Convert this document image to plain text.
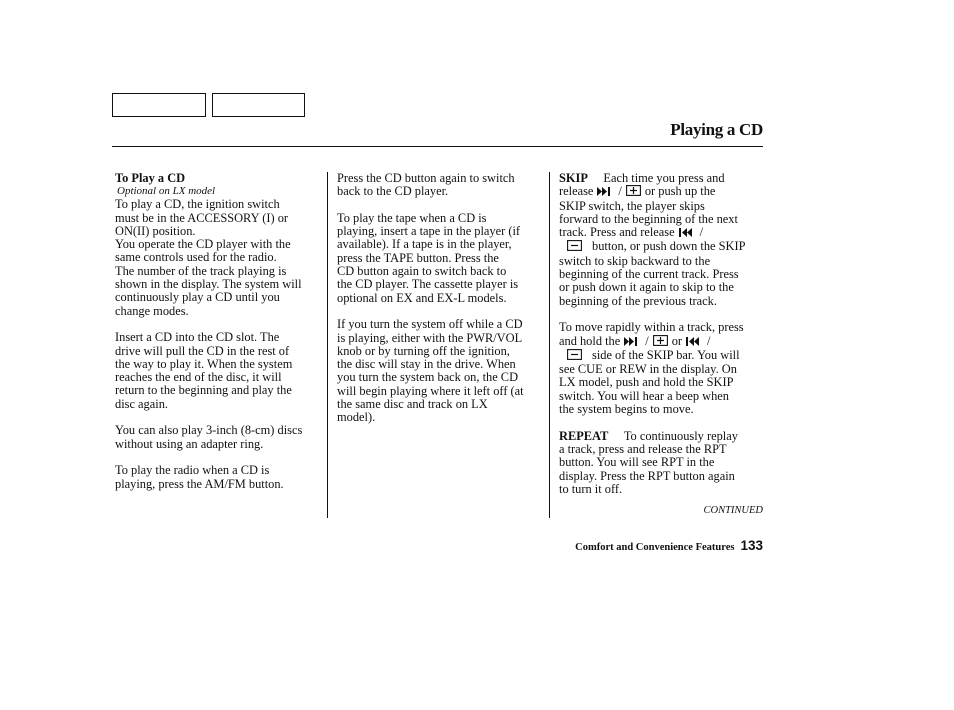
Playing a CD
To Play a CD
Optional on LX model

To play a CD, the ignition switch
must be in the ACCESSORY (I) or
ON(II) position.

You operate the CD player with the
same controls used for the radio.
The number of the track playing is
shown in the display. The system will
continuously play a CD until you
change modes.

Insert a CD into the CD slot. The
drive will pull the CD in the rest of
the way to play it. When the system
reaches the end of the disc, it will
return to the beginning and play the
disc again.

You can also play 3-inch (8-cm) discs
without using an adapter ring.

To play the radio when a CD is
playing, press the AM/FM button.

Press the CD button again to switch
back to the CD player.

To play the tape when a CD is
playing, insert a tape in the player (if
available). If a tape is in the player,
press the TAPE button. Press the
CD button again to switch back to
the CD player. The cassette player is
optional on EX and EX-L models.

If you turn the system off while a CD
is playing, either with the PWR/VOL
knob or by turning off the ignition,
the disc will stay in the drive. When
you turn the system back on, the CD
will begin playing where it left off (at
the same disc and track on LX
model).

SKIP Each time you press and
release / or push up the
SKIP switch, the player skips
forward to the beginning of the next
track. Press and release /
button, or push down the SKIP
switch to skip backward to the
beginning of the current track. Press
or push down it again to skip to the
beginning of the previous track.

To move rapidly within a track, press
and hold the / or /
side of the SKIP bar. You will
see CUE or REW in the display. On
LX model, push and hold the SKIP
switch. You will hear a beep when
the system begins to move.

REPEAT To continuously replay
a track, press and release the RPT
button. You will see RPT in the
display. Press the RPT button again
to turn it off.

CONTINUED
Comfort and Convenience Features 133
